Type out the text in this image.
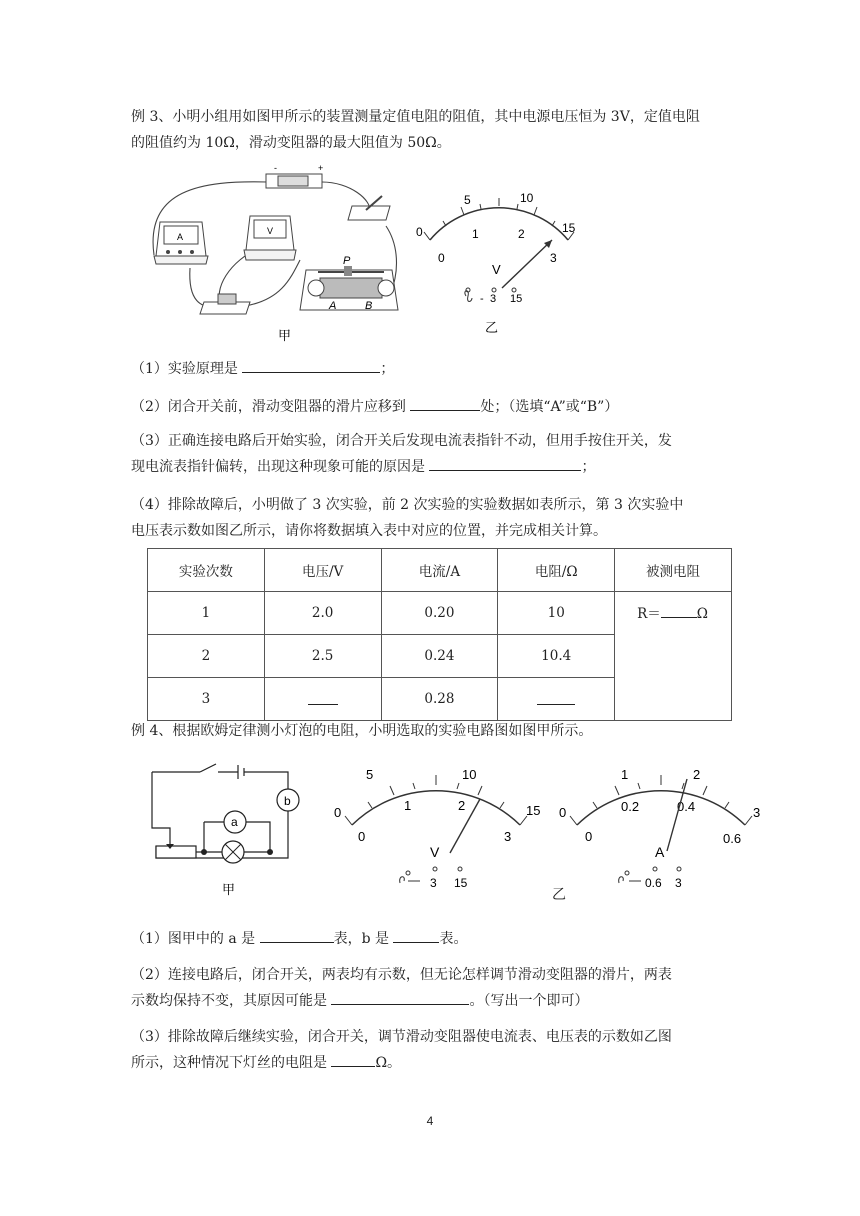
例 3、小明小组用如图甲所示的装置测量定值电阻的阻值，其中电源电压恒为 3V，定值电阻
的阻值约为 10Ω，滑动变阻器的最大阻值为 50Ω。
-	+
A
V
P
A	B
甲
0
5	10
15
0
1	2
3
V
- 3 15
乙
（1）实验原理是	；
（2）闭合开关前，滑动变阻器的滑片应移到	处；（选填“A”或“B”）
（3）正确连接电路后开始实验，闭合开关后发现电流表指针不动，但用手按住开关，发
现电流表指针偏转，出现这种现象可能的原因是	；
（4）排除故障后，小明做了 3 次实验，前 2 次实验的实验数据如表所示，第 3 次实验中
电压表示数如图乙所示，请你将数据填入表中对应的位置，并完成相关计算。
实验次数	电压/V	电流/A	电阻/Ω	被测电阻
1	2.0	0.20	10	R＝ Ω
2	2.5	0.24	10.4	
3		0.28		
例 4、根据欧姆定律测小灯泡的电阻，小明选取的实验电路图如图甲所示。
a
b
甲
0
5	10
15
0
1	2
3
V
3 15
0
1	2
3
0
0.2	0.4
0.6
A
0.6 3
乙
（1）图甲中的 a 是	表，b 是	表。
（2）连接电路后，闭合开关，两表均有示数，但无论怎样调节滑动变阻器的滑片，两表
示数均保持不变，其原因可能是	。（写出一个即可）
（3）排除故障后继续实验，闭合开关，调节滑动变阻器使电流表、电压表的示数如乙图
所示，这种情况下灯丝的电阻是	Ω。
4
